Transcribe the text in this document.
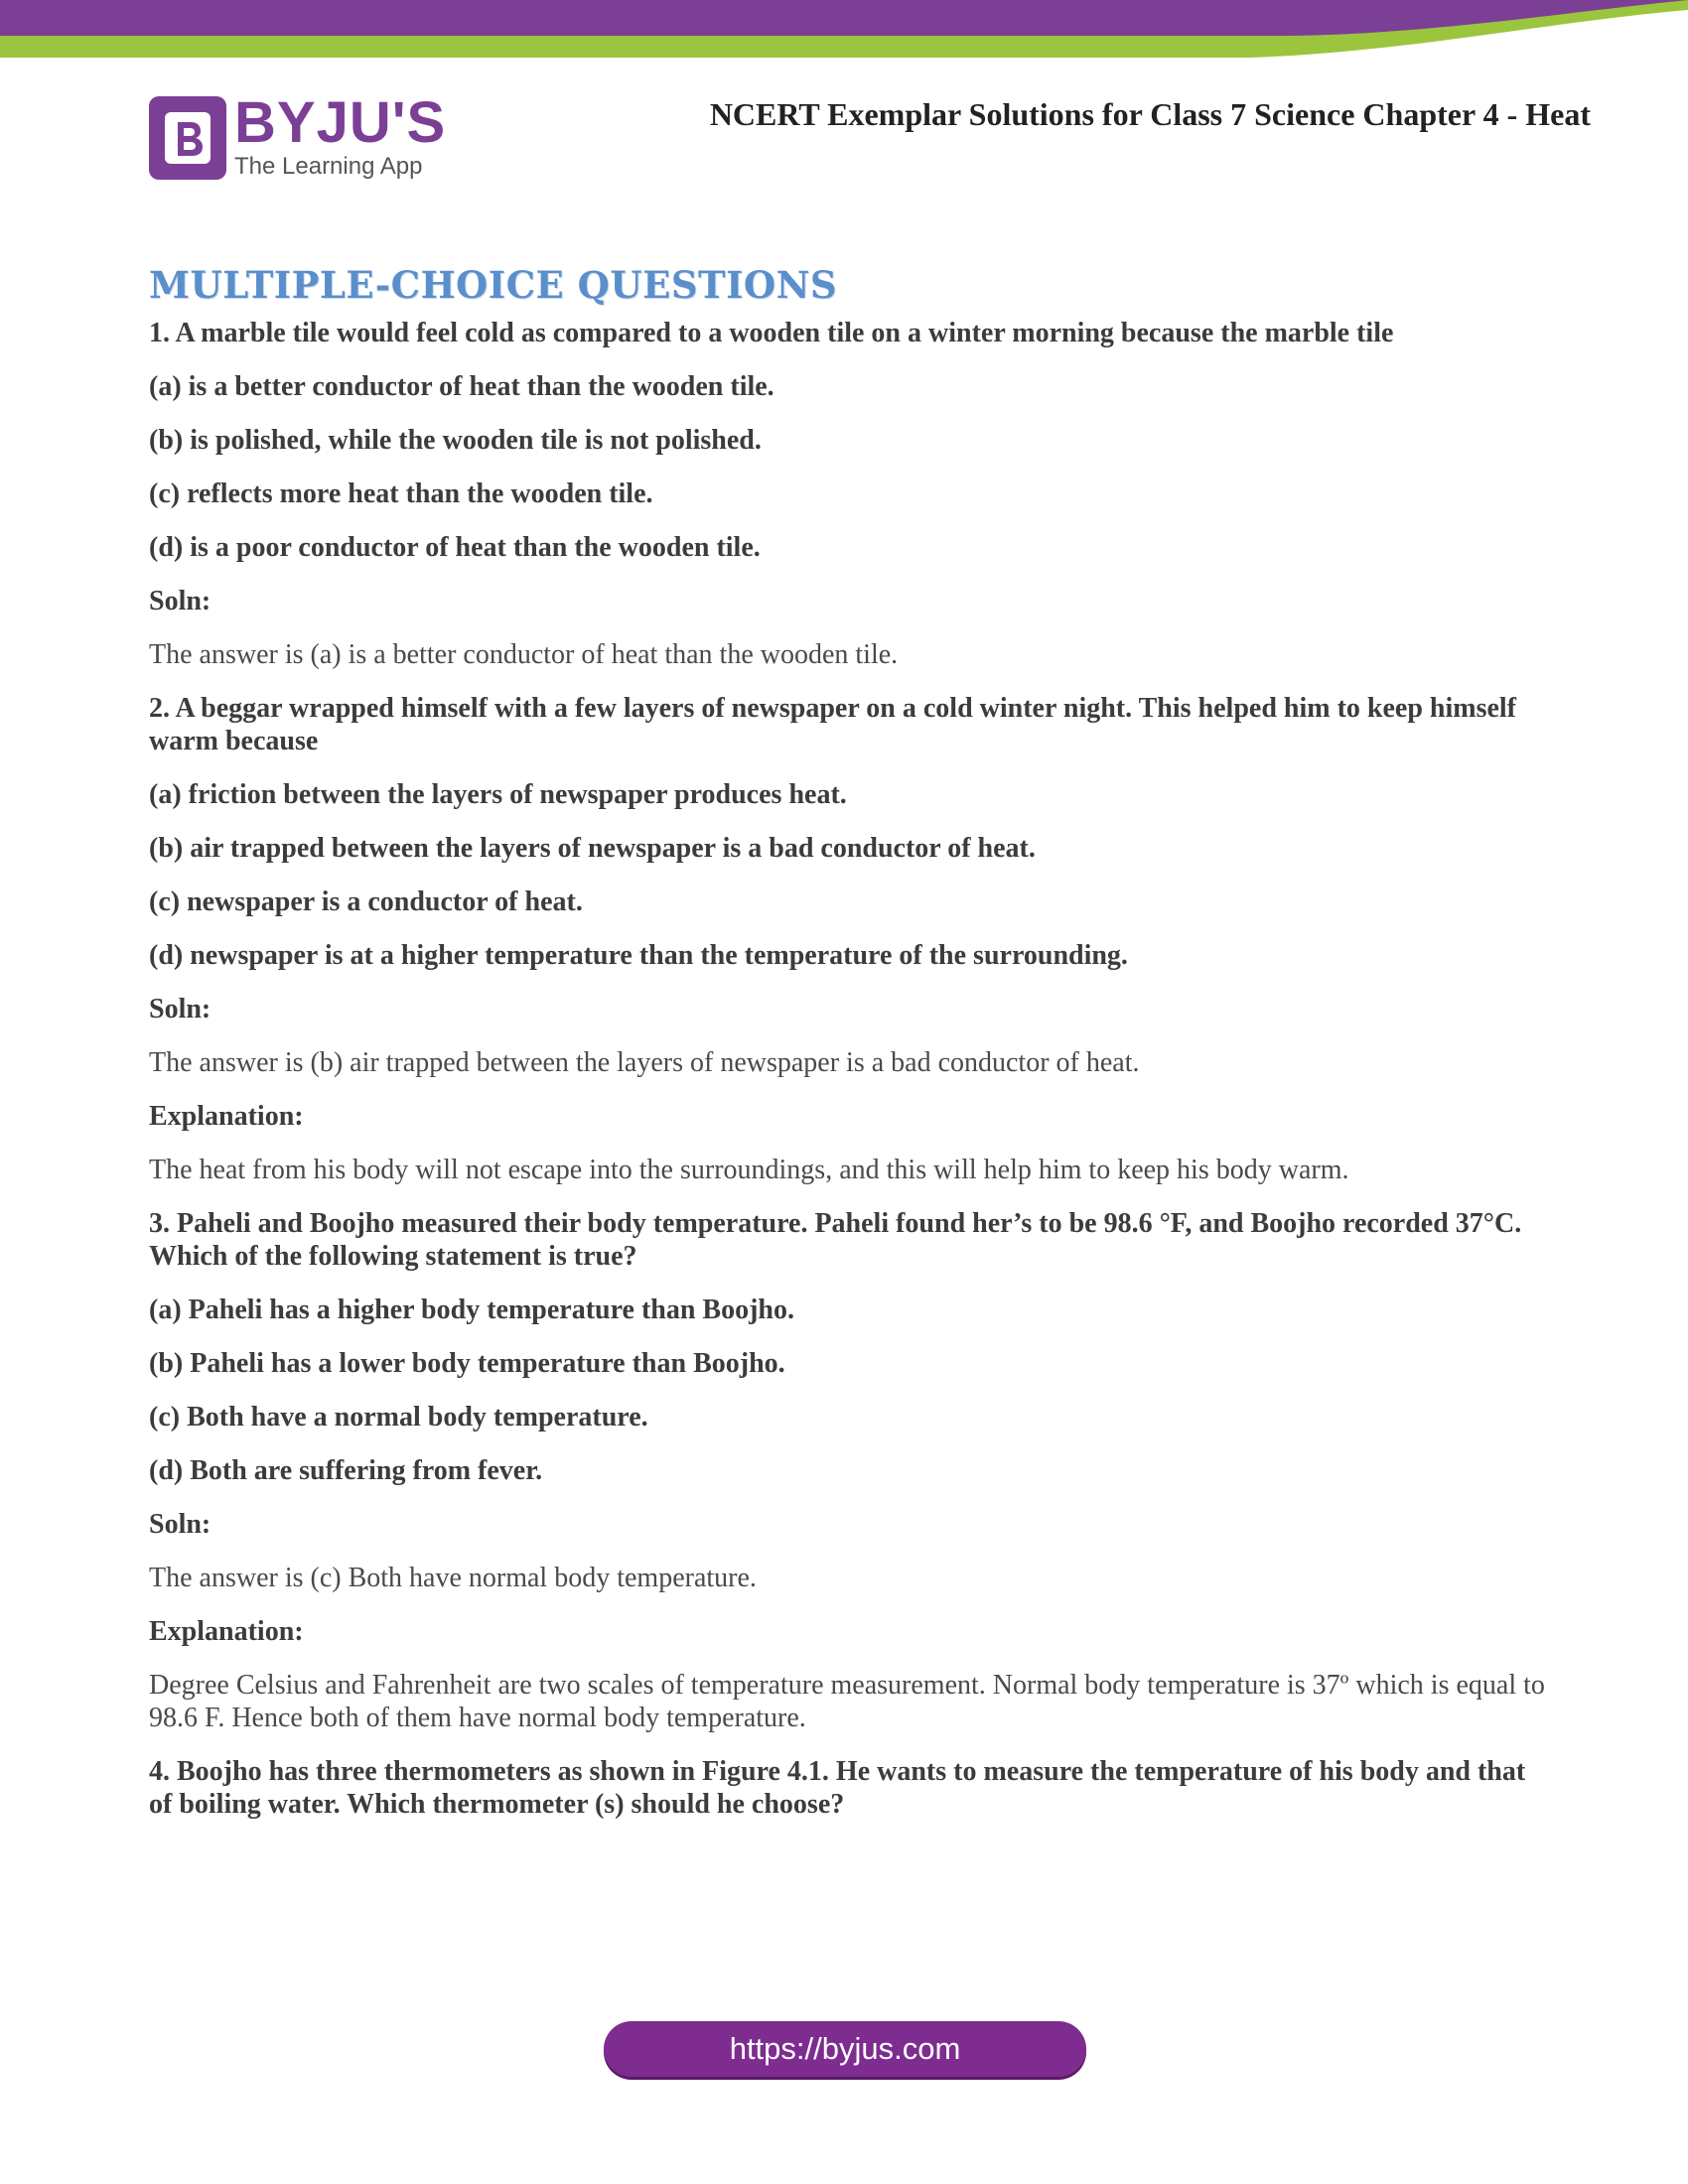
BYJU'S
The Learning App
NCERT Exemplar Solutions for Class 7 Science Chapter 4 - Heat
MULTIPLE-CHOICE QUESTIONS

1. A marble tile would feel cold as compared to a wooden tile on a winter morning because the marble tile

(a) is a better conductor of heat than the wooden tile.

(b) is polished, while the wooden tile is not polished.

(c) reflects more heat than the wooden tile.

(d) is a poor conductor of heat than the wooden tile.

Soln:

The answer is (a) is a better conductor of heat than the wooden tile.

2. A beggar wrapped himself with a few layers of newspaper on a cold winter night. This helped him to keep himself warm because

(a) friction between the layers of newspaper produces heat.

(b) air trapped between the layers of newspaper is a bad conductor of heat.

(c) newspaper is a conductor of heat.

(d) newspaper is at a higher temperature than the temperature of the surrounding.

Soln:

The answer is (b) air trapped between the layers of newspaper is a bad conductor of heat.

Explanation:

The heat from his body will not escape into the surroundings, and this will help him to keep his body warm.

3. Paheli and Boojho measured their body temperature. Paheli found her’s to be 98.6 °F, and Boojho recorded 37°C. Which of the following statement is true?

(a) Paheli has a higher body temperature than Boojho.

(b) Paheli has a lower body temperature than Boojho.

(c) Both have a normal body temperature.

(d) Both are suffering from fever.

Soln:

The answer is (c) Both have normal body temperature.

Explanation:

Degree Celsius and Fahrenheit are two scales of temperature measurement. Normal body temperature is 37º which is equal to 98.6 F. Hence both of them have normal body temperature.

4. Boojho has three thermometers as shown in Figure 4.1. He wants to measure the temperature of his body and that of boiling water. Which thermometer (s) should he choose?

https://byjus.com
